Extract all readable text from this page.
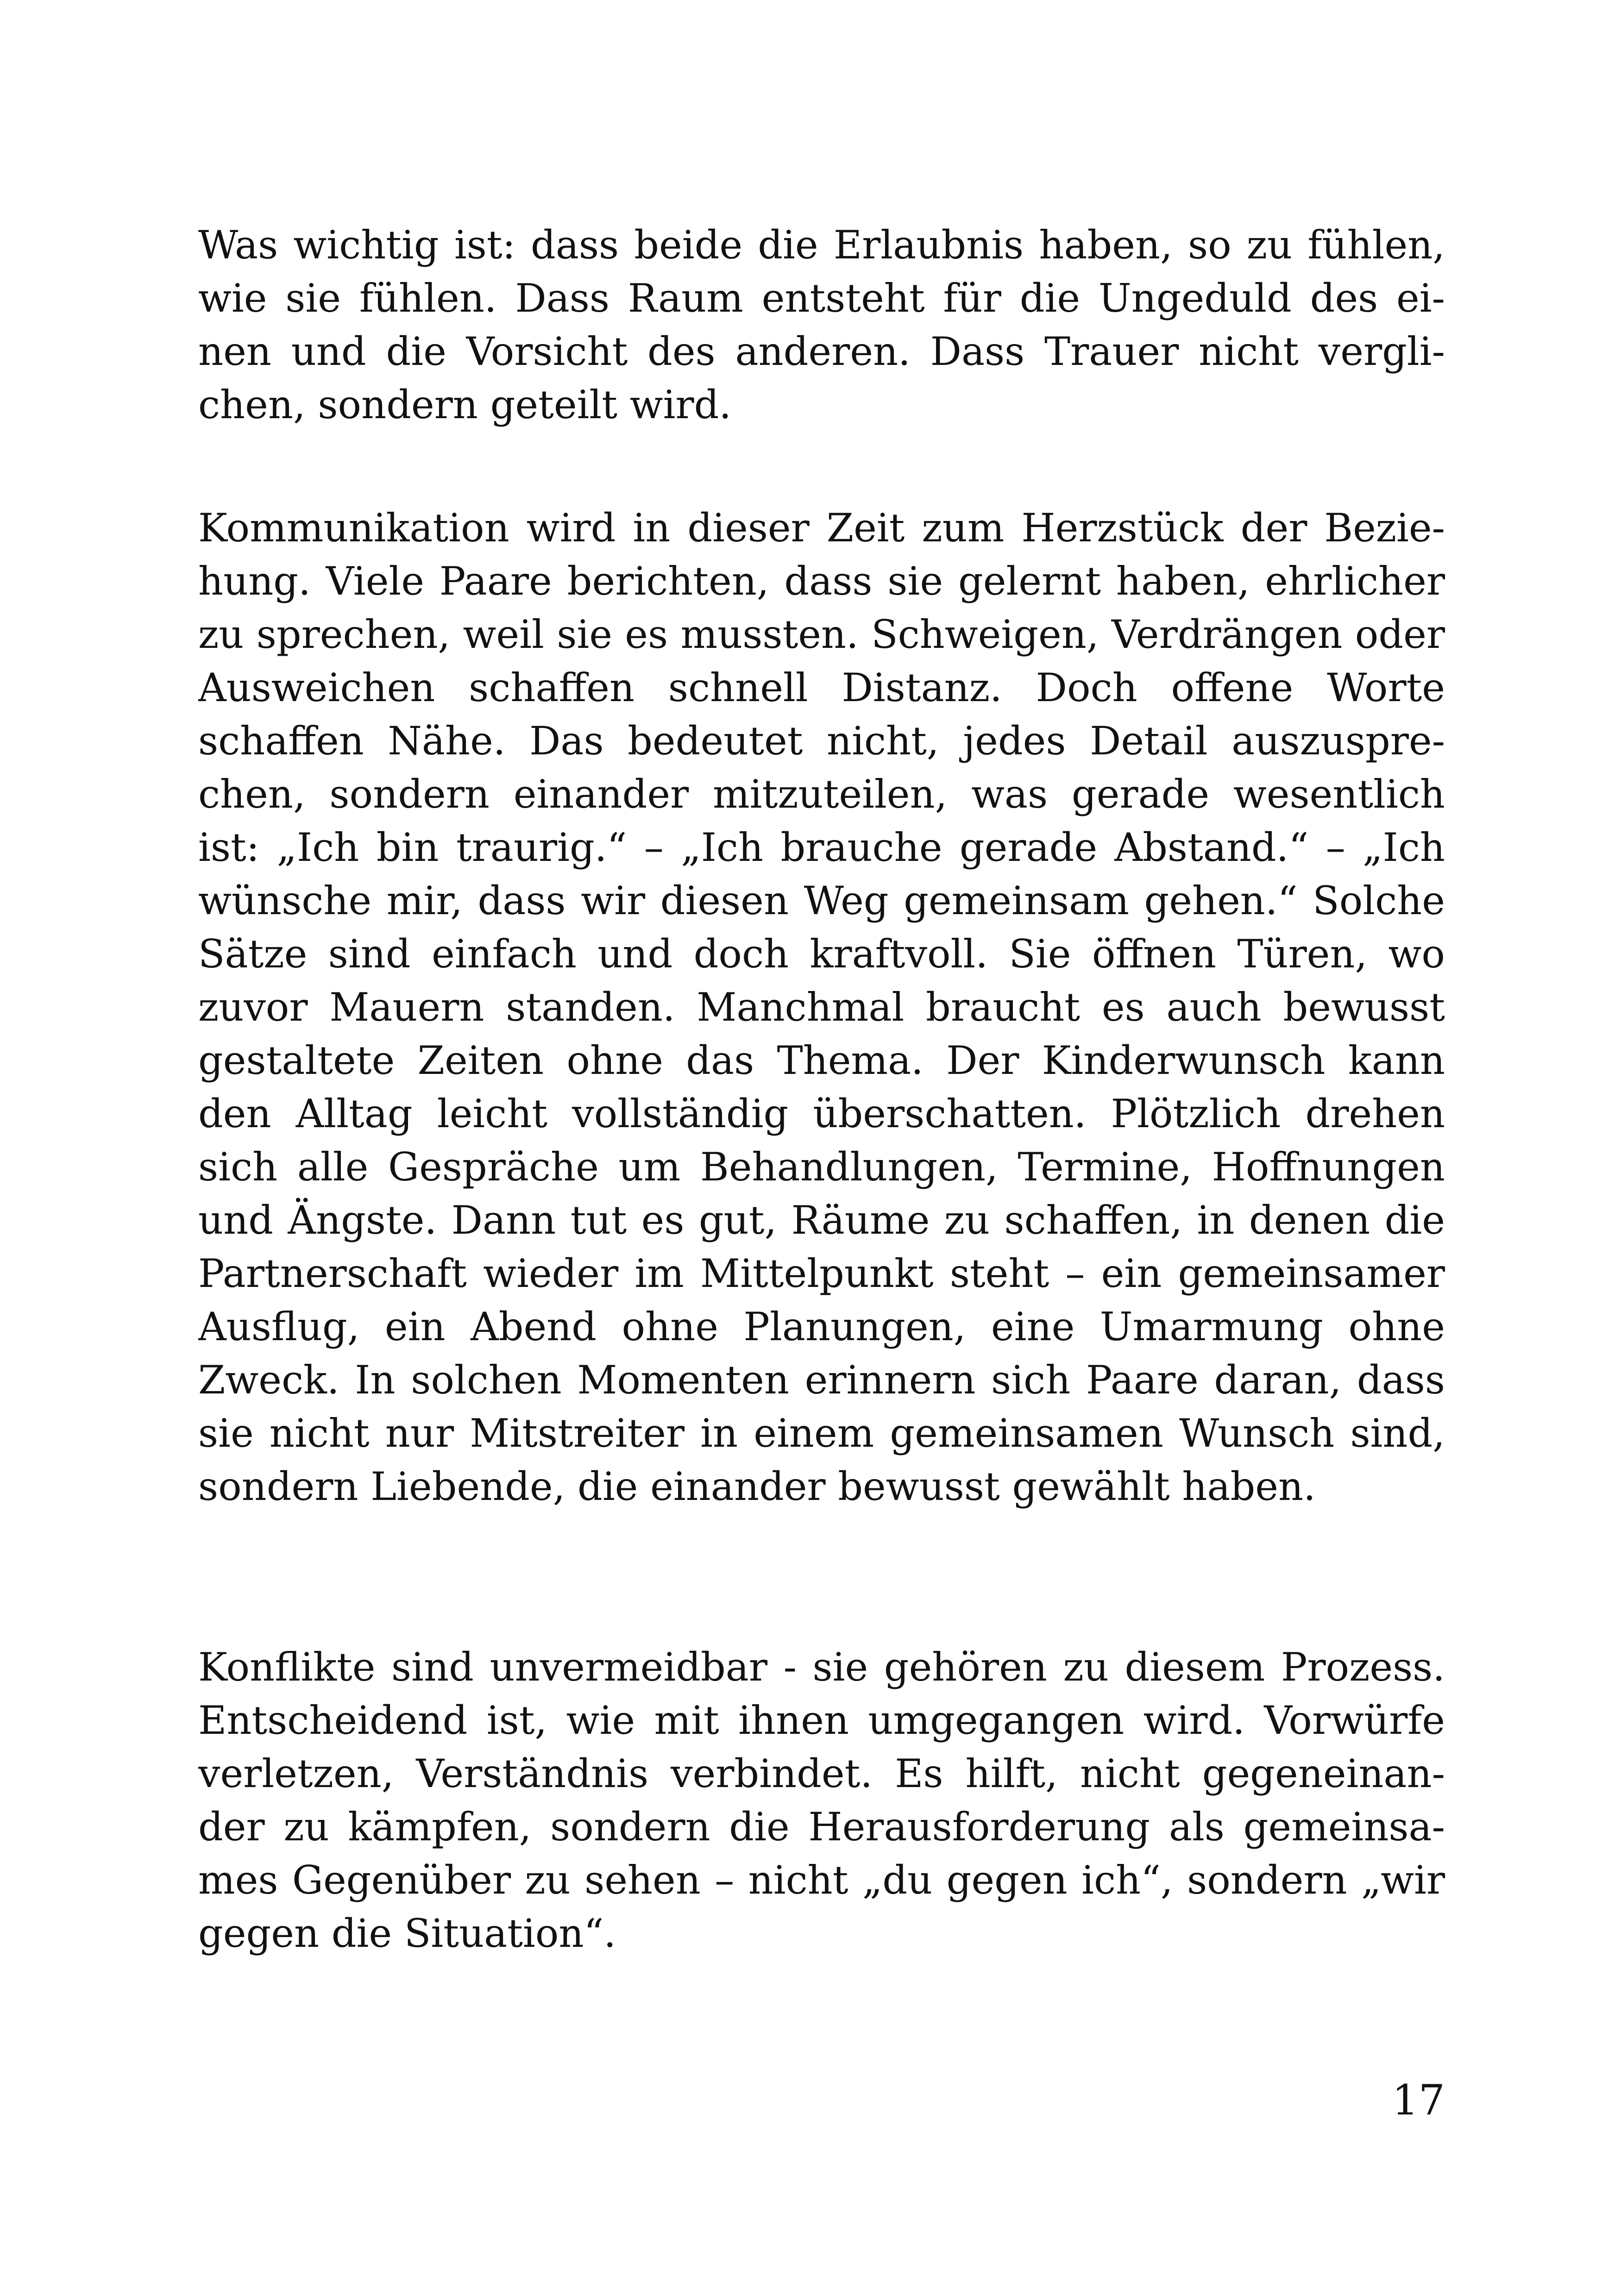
Was wichtig ist: dass beide die Erlaubnis haben, so zu fühlen,
wie sie fühlen. Dass Raum entsteht für die Ungeduld des ei-
nen und die Vorsicht des anderen. Dass Trauer nicht vergli-
chen, sondern geteilt wird.
Kommunikation wird in dieser Zeit zum Herzstück der Bezie-
hung. Viele Paare berichten, dass sie gelernt haben, ehrlicher
zu sprechen, weil sie es mussten. Schweigen, Verdrängen oder
Ausweichen schaffen schnell Distanz. Doch offene Worte
schaffen Nähe. Das bedeutet nicht, jedes Detail auszuspre-
chen, sondern einander mitzuteilen, was gerade wesentlich
ist: „Ich bin traurig.“ – „Ich brauche gerade Abstand.“ – „Ich
wünsche mir, dass wir diesen Weg gemeinsam gehen.“ Solche
Sätze sind einfach und doch kraftvoll. Sie öffnen Türen, wo
zuvor Mauern standen. Manchmal braucht es auch bewusst
gestaltete Zeiten ohne das Thema. Der Kinderwunsch kann
den Alltag leicht vollständig überschatten. Plötzlich drehen
sich alle Gespräche um Behandlungen, Termine, Hoffnungen
und Ängste. Dann tut es gut, Räume zu schaffen, in denen die
Partnerschaft wieder im Mittelpunkt steht – ein gemeinsamer
Ausflug, ein Abend ohne Planungen, eine Umarmung ohne
Zweck. In solchen Momenten erinnern sich Paare daran, dass
sie nicht nur Mitstreiter in einem gemeinsamen Wunsch sind,
sondern Liebende, die einander bewusst gewählt haben.
Konflikte sind unvermeidbar - sie gehören zu diesem Prozess.
Entscheidend ist, wie mit ihnen umgegangen wird. Vorwürfe
verletzen, Verständnis verbindet. Es hilft, nicht gegeneinan-
der zu kämpfen, sondern die Herausforderung als gemeinsa-
mes Gegenüber zu sehen – nicht „du gegen ich“, sondern „wir
gegen die Situation“.
17
